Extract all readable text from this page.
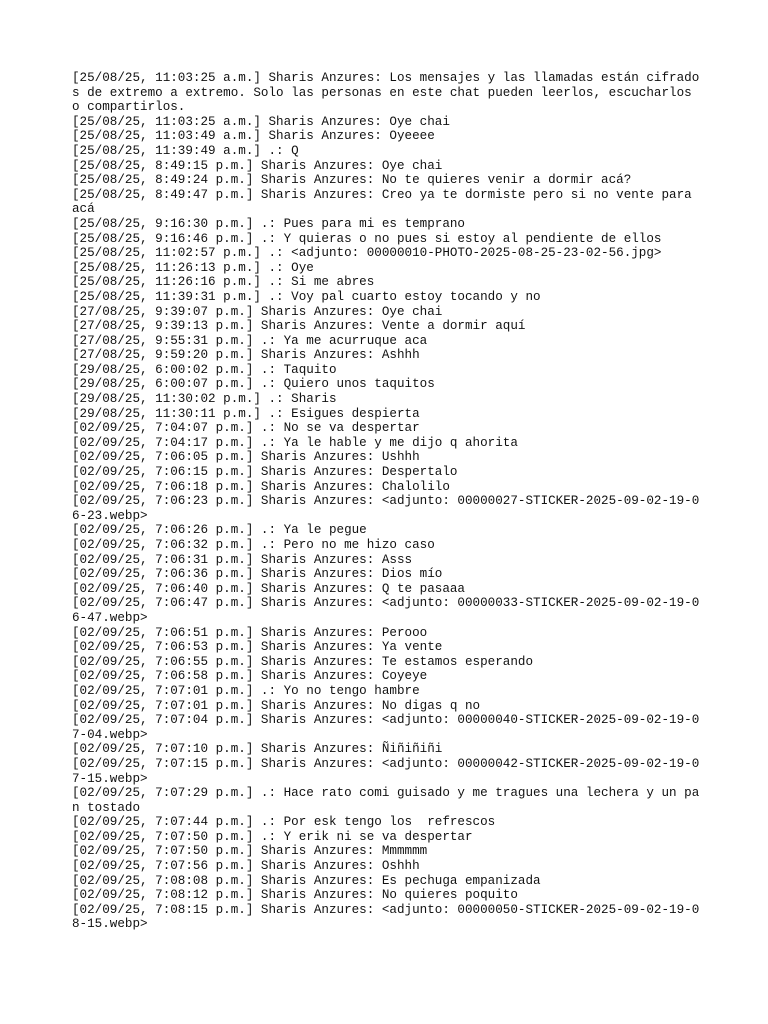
[25/08/25, 11:03:25 a.m.] Sharis Anzures: Los mensajes y las llamadas están cifrados de extremo a extremo. Solo las personas en este chat pueden leerlos, escucharlos o compartirlos.

[25/08/25, 11:03:25 a.m.] Sharis Anzures: Oye chai

[25/08/25, 11:03:49 a.m.] Sharis Anzures: Oyeeee

[25/08/25, 11:39:49 a.m.] .: Q

[25/08/25, 8:49:15 p.m.] Sharis Anzures: Oye chai

[25/08/25, 8:49:24 p.m.] Sharis Anzures: No te quieres venir a dormir acá?

[25/08/25, 8:49:47 p.m.] Sharis Anzures: Creo ya te dormiste pero si no vente para acá

[25/08/25, 9:16:30 p.m.] .: Pues para mi es temprano

[25/08/25, 9:16:46 p.m.] .: Y quieras o no pues si estoy al pendiente de ellos

[25/08/25, 11:02:57 p.m.] .: <adjunto: 00000010-PHOTO-2025-08-25-23-02-56.jpg>

[25/08/25, 11:26:13 p.m.] .: Oye

[25/08/25, 11:26:16 p.m.] .: Si me abres

[25/08/25, 11:39:31 p.m.] .: Voy pal cuarto estoy tocando y no

[27/08/25, 9:39:07 p.m.] Sharis Anzures: Oye chai

[27/08/25, 9:39:13 p.m.] Sharis Anzures: Vente a dormir aquí

[27/08/25, 9:55:31 p.m.] .: Ya me acurruque aca

[27/08/25, 9:59:20 p.m.] Sharis Anzures: Ashhh

[29/08/25, 6:00:02 p.m.] .: Taquito

[29/08/25, 6:00:07 p.m.] .: Quiero unos taquitos

[29/08/25, 11:30:02 p.m.] .: Sharis

[29/08/25, 11:30:11 p.m.] .: Esigues despierta

[02/09/25, 7:04:07 p.m.] .: No se va despertar

[02/09/25, 7:04:17 p.m.] .: Ya le hable y me dijo q ahorita

[02/09/25, 7:06:05 p.m.] Sharis Anzures: Ushhh

[02/09/25, 7:06:15 p.m.] Sharis Anzures: Despertalo

[02/09/25, 7:06:18 p.m.] Sharis Anzures: Chalolilo

[02/09/25, 7:06:23 p.m.] Sharis Anzures: <adjunto: 00000027-STICKER-2025-09-02-19-06-23.webp>

[02/09/25, 7:06:26 p.m.] .: Ya le pegue

[02/09/25, 7:06:32 p.m.] .: Pero no me hizo caso

[02/09/25, 7:06:31 p.m.] Sharis Anzures: Asss

[02/09/25, 7:06:36 p.m.] Sharis Anzures: Dios mío

[02/09/25, 7:06:40 p.m.] Sharis Anzures: Q te pasaaa

[02/09/25, 7:06:47 p.m.] Sharis Anzures: <adjunto: 00000033-STICKER-2025-09-02-19-06-47.webp>

[02/09/25, 7:06:51 p.m.] Sharis Anzures: Perooo

[02/09/25, 7:06:53 p.m.] Sharis Anzures: Ya vente

[02/09/25, 7:06:55 p.m.] Sharis Anzures: Te estamos esperando

[02/09/25, 7:06:58 p.m.] Sharis Anzures: Coyeye

[02/09/25, 7:07:01 p.m.] .: Yo no tengo hambre

[02/09/25, 7:07:01 p.m.] Sharis Anzures: No digas q no

[02/09/25, 7:07:04 p.m.] Sharis Anzures: <adjunto: 00000040-STICKER-2025-09-02-19-07-04.webp>

[02/09/25, 7:07:10 p.m.] Sharis Anzures: Ñiñiñiñi

[02/09/25, 7:07:15 p.m.] Sharis Anzures: <adjunto: 00000042-STICKER-2025-09-02-19-07-15.webp>

[02/09/25, 7:07:29 p.m.] .: Hace rato comi guisado y me tragues una lechera y un pan tostado

[02/09/25, 7:07:44 p.m.] .: Por esk tengo los  refrescos

[02/09/25, 7:07:50 p.m.] .: Y erik ni se va despertar

[02/09/25, 7:07:50 p.m.] Sharis Anzures: Mmmmmm

[02/09/25, 7:07:56 p.m.] Sharis Anzures: Oshhh

[02/09/25, 7:08:08 p.m.] Sharis Anzures: Es pechuga empanizada

[02/09/25, 7:08:12 p.m.] Sharis Anzures: No quieres poquito

[02/09/25, 7:08:15 p.m.] Sharis Anzures: <adjunto: 00000050-STICKER-2025-09-02-19-08-15.webp>
